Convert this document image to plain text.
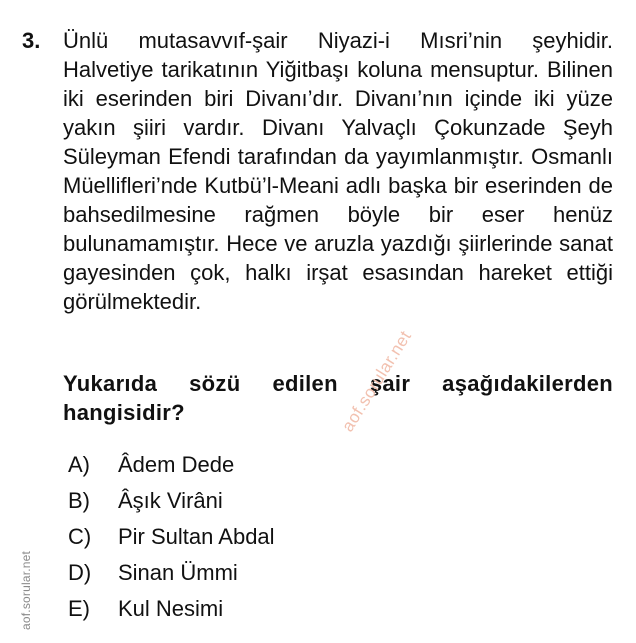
3. Ünlü mutasavvıf-şair Niyazi-i Mısri’nin şeyhidir. Halvetiye tarikatının Yiğitbaşı koluna mensuptur. Bilinen iki eserinden biri Divanı’dır. Divanı’nın içinde iki yüze yakın şiiri vardır. Divanı Yalvaçlı Çokunzade Şeyh Süleyman Efendi tarafından da yayımlanmıştır. Osmanlı Müellifleri’nde Kutbü’l-Meani adlı başka bir eserinden de bahsedilmesine rağmen böyle bir eser henüz bulunamamıştır. Hece ve aruzla yazdığı şiirlerinde sanat gayesinden çok, halkı irşat esasından hareket ettiği görülmektedir.
Yukarıda sözü edilen şair aşağıdakilerden hangisidir?
A)	Âdem Dede
B)	Âşık Virâni
C)	Pir Sultan Abdal
D)	Sinan Ümmi
E)	Kul Nesimi
aof.sorular.net
aof.sorular.net
